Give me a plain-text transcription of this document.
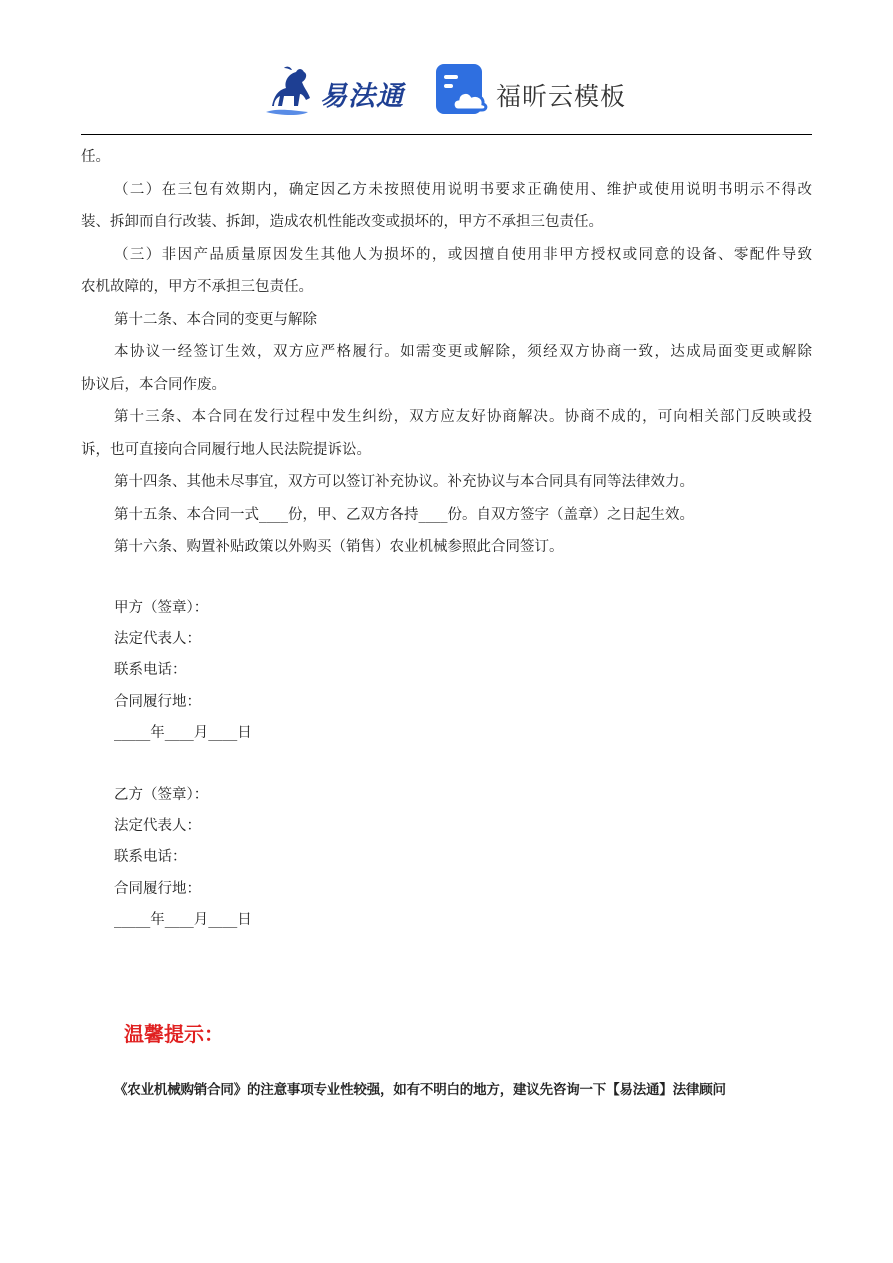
易法通	福昕云模板
任。
（二）在三包有效期内，确定因乙方未按照使用说明书要求正确使用、维护或使用说明书明示不得改
装、拆卸而自行改装、拆卸，造成农机性能改变或损坏的，甲方不承担三包责任。
（三）非因产品质量原因发生其他人为损坏的，或因擅自使用非甲方授权或同意的设备、零配件导致
农机故障的，甲方不承担三包责任。
第十二条、本合同的变更与解除
本协议一经签订生效，双方应严格履行。如需变更或解除，须经双方协商一致，达成局面变更或解除
协议后，本合同作废。
第十三条、本合同在发行过程中发生纠纷，双方应友好协商解决。协商不成的，可向相关部门反映或投
诉，也可直接向合同履行地人民法院提诉讼。
第十四条、其他未尽事宜，双方可以签订补充协议。补充协议与本合同具有同等法律效力。
第十五条、本合同一式____份，甲、乙双方各持____份。自双方签字（盖章）之日起生效。
第十六条、购置补贴政策以外购买（销售）农业机械参照此合同签订。
甲方（签章）：
法定代表人：
联系电话：
合同履行地：
_____年____月____日
乙方（签章）：
法定代表人：
联系电话：
合同履行地：
_____年____月____日
温馨提示：
《农业机械购销合同》的注意事项专业性较强，如有不明白的地方，建议先咨询一下【易法通】法律顾问
